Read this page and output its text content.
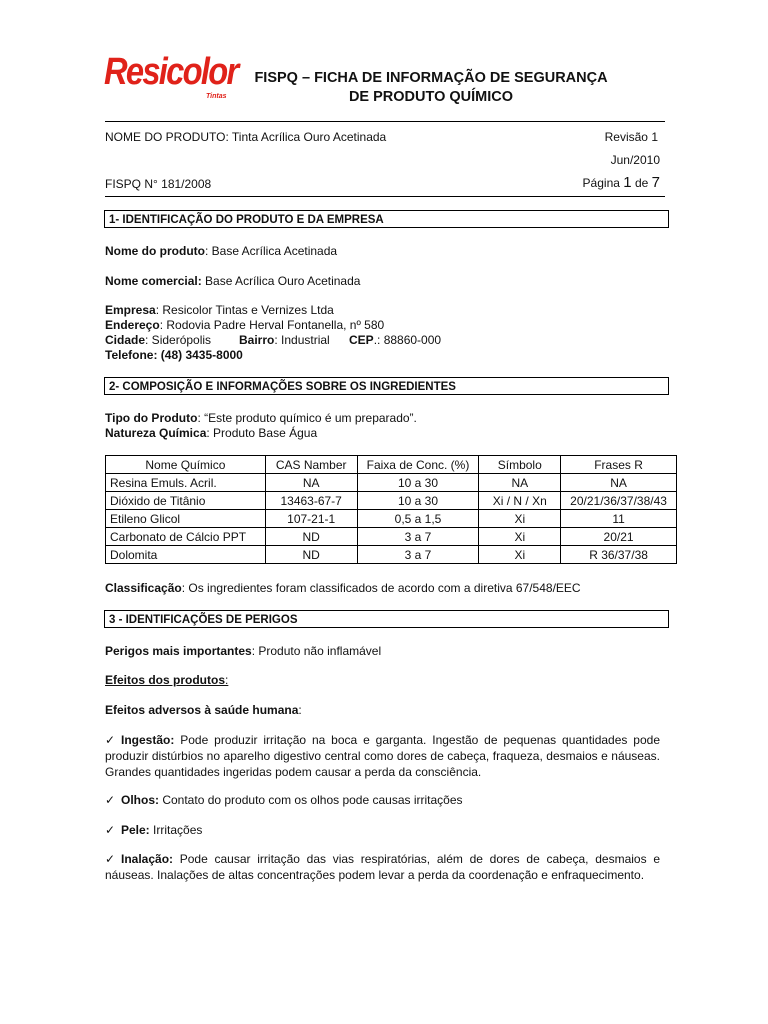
Resicolor
Tintas
FISPQ – FICHA DE INFORMAÇÃO DE SEGURANÇA
DE PRODUTO QUÍMICO
NOME DO PRODUTO: Tinta Acrílica Ouro Acetinada	Revisão 1
Jun/2010
FISPQ N° 181/2008	Página 1 de 7
1- IDENTIFICAÇÃO DO PRODUTO E DA EMPRESA
Nome do produto: Base Acrílica Acetinada
Nome comercial: Base Acrílica Ouro Acetinada
Empresa: Resicolor Tintas e Vernizes Ltda
Endereço: Rodovia Padre Herval Fontanella, nº 580
Cidade: Siderópolis Bairro: Industrial CEP.: 88860-000
Telefone: (48) 3435-8000
2- COMPOSIÇÃO E INFORMAÇÕES SOBRE OS INGREDIENTES
Tipo do Produto: “Este produto químico é um preparado”.
Natureza Química: Produto Base Água
Nome Químico	CAS Namber	Faixa de Conc. (%)	Símbolo	Frases R
Resina Emuls. Acril.	NA	10 a 30	NA	NA
Dióxido de Titânio	13463-67-7	10 a 30	Xi / N / Xn	20/21/36/37/38/43
Etileno Glicol	107-21-1	0,5 a 1,5	Xi	11
Carbonato de Cálcio PPT	ND	3 a 7	Xi	20/21
Dolomita	ND	3 a 7	Xi	R 36/37/38
Classificação: Os ingredientes foram classificados de acordo com a diretiva 67/548/EEC
3 - IDENTIFICAÇÕES DE PERIGOS
Perigos mais importantes: Produto não inflamável
Efeitos dos produtos:
Efeitos adversos à saúde humana:
✓ Ingestão: Pode produzir irritação na boca e garganta. Ingestão de pequenas quantidades pode produzir distúrbios no aparelho digestivo central como dores de cabeça, fraqueza, desmaios e náuseas. Grandes quantidades ingeridas podem causar a perda da consciência.
✓ Olhos: Contato do produto com os olhos pode causas irritações
✓ Pele: Irritações
✓ Inalação: Pode causar irritação das vias respiratórias, além de dores de cabeça, desmaios e náuseas. Inalações de altas concentrações podem levar a perda da coordenação e enfraquecimento.
